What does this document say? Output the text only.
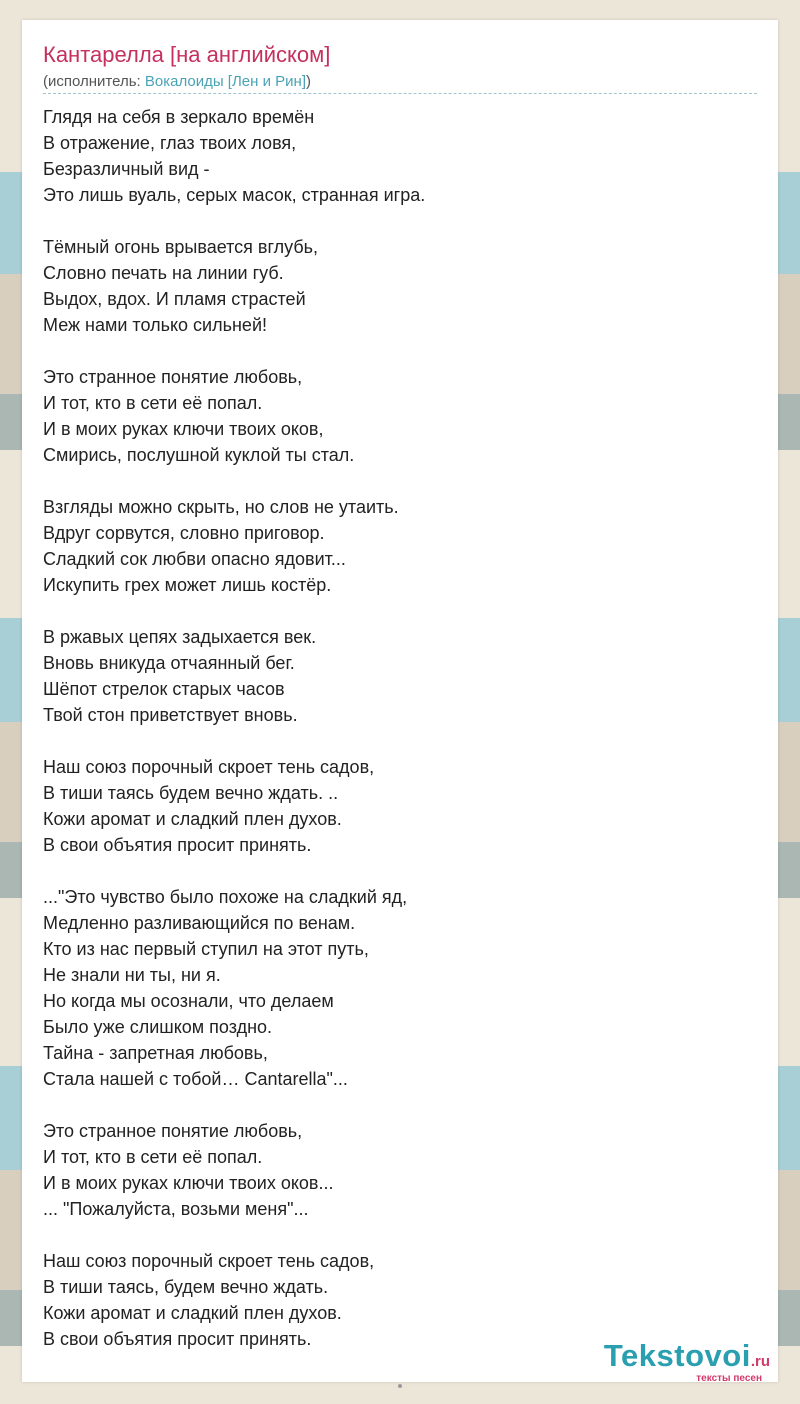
Кантарелла [на английском]
(исполнитель: Вокалоиды [Лен и Рин])
Глядя на себя в зеркало времён
В отражение, глаз твоих ловя,
Безразличный вид -
Это лишь вуаль, серых масок, странная игра.
Тёмный огонь врывается вглубь,
Словно печать на линии губ.
Выдох, вдох. И пламя страстей
Меж нами только сильней!
Это странное понятие любовь,
И тот, кто в сети её попал.
И в моих руках ключи твоих оков,
Смирись, послушной куклой ты стал.
Взгляды можно скрыть, но слов не утаить.
Вдруг сорвутся, словно приговор.
Сладкий сок любви опасно ядовит...
Искупить грех может лишь костёр.
В ржавых цепях задыхается век.
Вновь вникуда отчаянный бег.
Шёпот стрелок старых часов
Твой стон приветствует вновь.
Наш союз порочный скроет тень садов,
В тиши таясь будем вечно ждать. ..
Кожи аромат и сладкий плен духов.
В свои объятия просит принять.
..."Это чувство было похоже на сладкий яд,
Медленно разливающийся по венам.
Кто из нас первый ступил на этот путь,
Не знали ни ты, ни я.
Но когда мы осознали, что делаем
Было уже слишком поздно.
Тайна - запретная любовь,
Стала нашей с тобой… Cantarella"...
Это странное понятие любовь,
И тот, кто в сети её попал.
И в моих руках ключи твоих оков...
... "Пожалуйста, возьми меня"...
Наш союз порочный скроет тень садов,
В тиши таясь, будем вечно ждать.
Кожи аромат и сладкий плен духов.
В свои объятия просит принять.	Tekstovoi.ru
тексты песен
